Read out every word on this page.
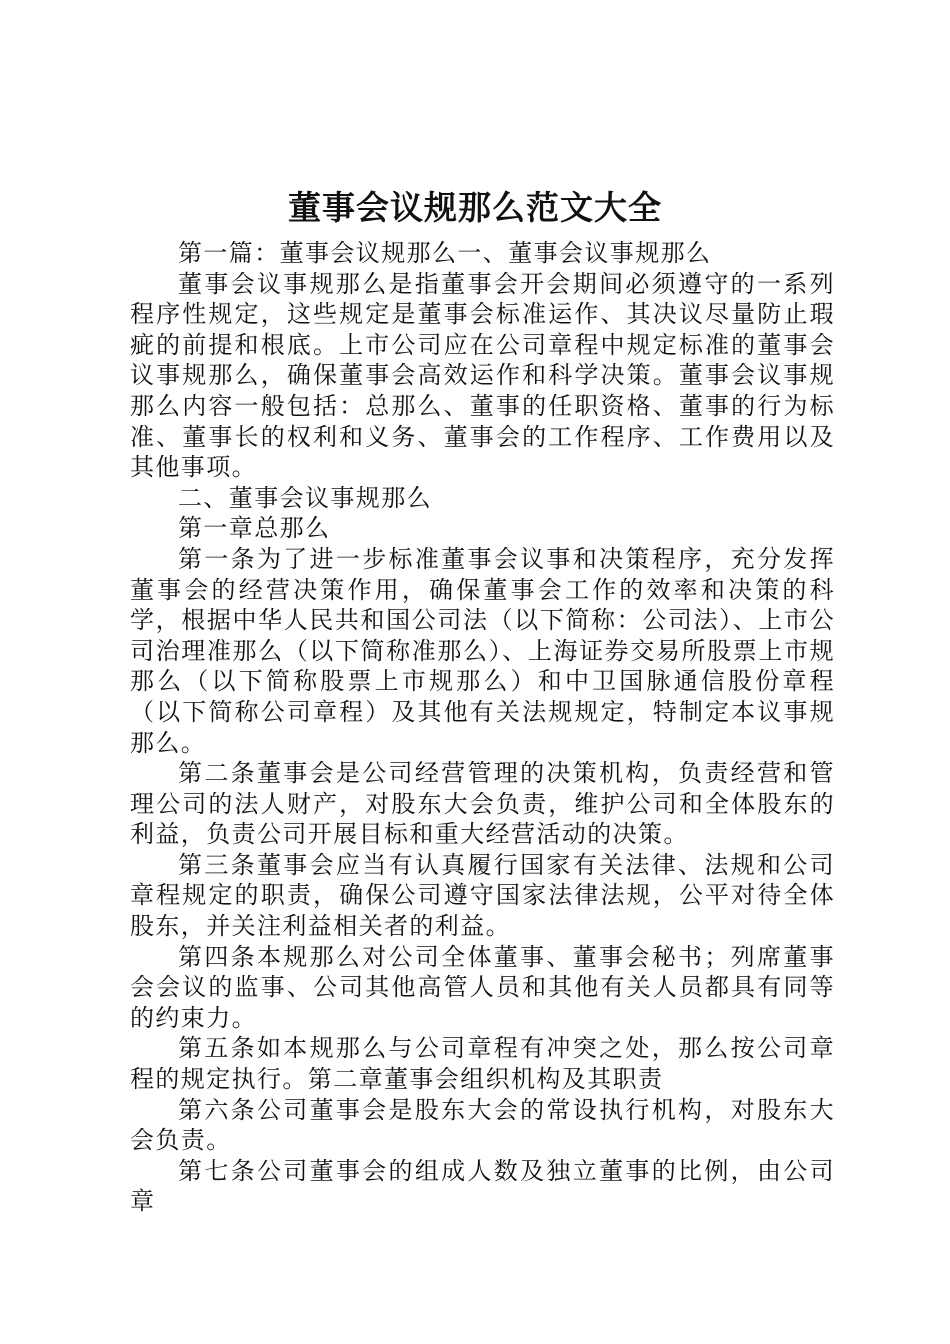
董事会议规那么范文大全

第一篇：董事会议规那么一、董事会议事规那么

董事会议事规那么是指董事会开会期间必须遵守的一系列程序性规定，这些规定是董事会标准运作、其决议尽量防止瑕疵的前提和根底。上市公司应在公司章程中规定标准的董事会议事规那么，确保董事会高效运作和科学决策。董事会议事规那么内容一般包括：总那么、董事的任职资格、董事的行为标准、董事长的权利和义务、董事会的工作程序、工作费用以及其他事项。

二、董事会议事规那么

第一章总那么

第一条为了进一步标准董事会议事和决策程序，充分发挥董事会的经营决策作用，确保董事会工作的效率和决策的科学，根据中华人民共和国公司法（以下简称：公司法）、上市公司治理准那么（以下简称准那么）、上海证券交易所股票上市规那么（以下简称股票上市规那么）和中卫国脉通信股份章程（以下简称公司章程）及其他有关法规规定，特制定本议事规那么。

第二条董事会是公司经营管理的决策机构，负责经营和管理公司的法人财产，对股东大会负责，维护公司和全体股东的利益，负责公司开展目标和重大经营活动的决策。

第三条董事会应当有认真履行国家有关法律、法规和公司章程规定的职责，确保公司遵守国家法律法规，公平对待全体股东，并关注利益相关者的利益。

第四条本规那么对公司全体董事、董事会秘书；列席董事会会议的监事、公司其他高管人员和其他有关人员都具有同等的约束力。

第五条如本规那么与公司章程有冲突之处，那么按公司章程的规定执行。第二章董事会组织机构及其职责

第六条公司董事会是股东大会的常设执行机构，对股东大会负责。

第七条公司董事会的组成人数及独立董事的比例，由公司章
